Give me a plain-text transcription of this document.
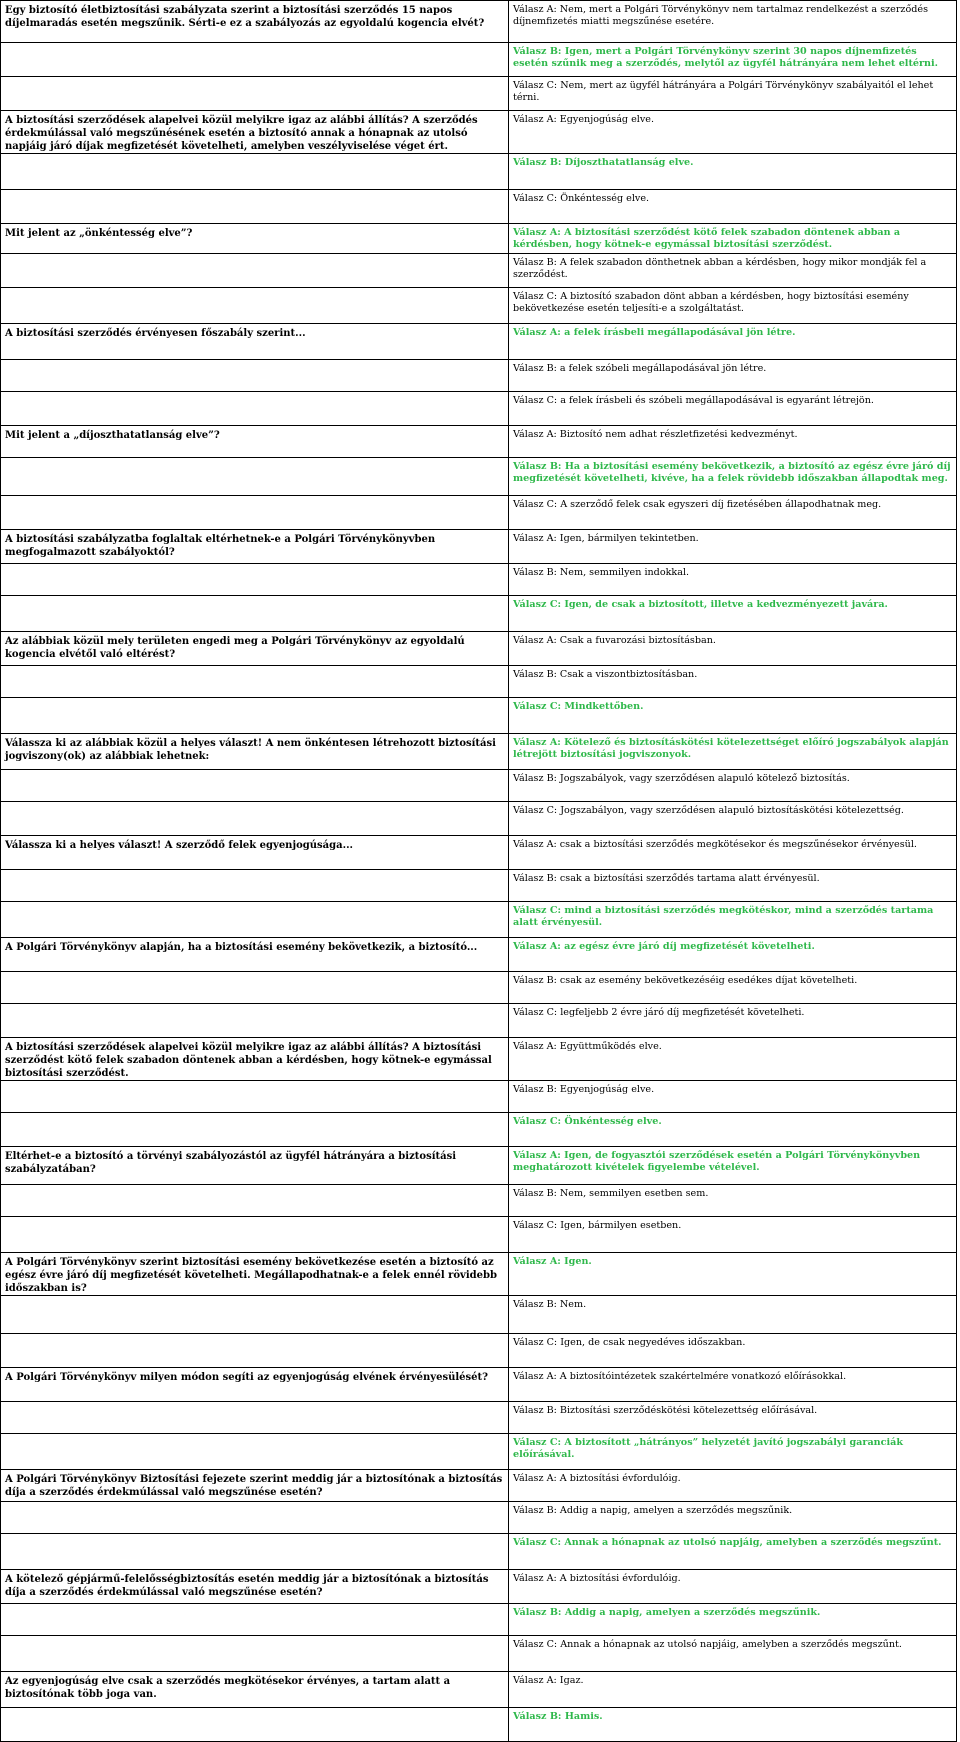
Egy biztosító életbiztosítási szabályzata szerint a biztosítási szerződés 15 napos díjelmaradás esetén megszűnik. Sérti-e ez a szabályozás az egyoldalú kogencia elvét?	Válasz A: Nem, mert a Polgári Törvénykönyv nem tartalmaz rendelkezést a szerződés díjnemfizetés miatti megszűnése esetére.
	Válasz B: Igen, mert a Polgári Törvénykönyv szerint 30 napos díjnemfizetés esetén szűnik meg a szerződés, melytől az ügyfél hátrányára nem lehet eltérni.
	Válasz C: Nem, mert az ügyfél hátrányára a Polgári Törvénykönyv szabályaitól el lehet térni.
A biztosítási szerződések alapelvei közül melyikre igaz az alábbi állítás? A szerződés érdekmúlással való megszűnésének esetén a biztosító annak a hónapnak az utolsó napjáig járó díjak megfizetését követelheti, amelyben veszélyviselése véget ért.	Válasz A: Egyenjogúság elve.
	Válasz B: Díjoszthatatlanság elve.
	Válasz C: Önkéntesség elve.
Mit jelent az „önkéntesség elve”?	Válasz A: A biztosítási szerződést kötő felek szabadon döntenek abban a kérdésben, hogy kötnek-e egymással biztosítási szerződést.
	Válasz B: A felek szabadon dönthetnek abban a kérdésben, hogy mikor mondják fel a szerződést.
	Válasz C: A biztosító szabadon dönt abban a kérdésben, hogy biztosítási esemény bekövetkezése esetén teljesíti-e a szolgáltatást.
A biztosítási szerződés érvényesen főszabály szerint...	Válasz A: a felek írásbeli megállapodásával jön létre.
	Válasz B: a felek szóbeli megállapodásával jön létre.
	Válasz C: a felek írásbeli és szóbeli megállapodásával is egyaránt létrejön.
Mit jelent a „díjoszthatatlanság elve”?	Válasz A: Biztosító nem adhat részletfizetési kedvezményt.
	Válasz B: Ha a biztosítási esemény bekövetkezik, a biztosító az egész évre járó díj megfizetését követelheti, kivéve, ha a felek rövidebb időszakban állapodtak meg.
	Válasz C: A szerződő felek csak egyszeri díj fizetésében állapodhatnak meg.
A biztosítási szabályzatba foglaltak eltérhetnek-e a Polgári Törvénykönyvben megfogalmazott szabályoktól?	Válasz A: Igen, bármilyen tekintetben.
	Válasz B: Nem, semmilyen indokkal.
	Válasz C: Igen, de csak a biztosított, illetve a kedvezményezett javára.
Az alábbiak közül mely területen engedi meg a Polgári Törvénykönyv az egyoldalú kogencia elvétől való eltérést?	Válasz A: Csak a fuvarozási biztosításban.
	Válasz B: Csak a viszontbiztosításban.
	Válasz C: Mindkettőben.
Válassza ki az alábbiak közül a helyes választ! A nem önkéntesen létrehozott biztosítási jogviszony(ok) az alábbiak lehetnek:	Válasz A: Kötelező és biztosításkötési kötelezettséget előíró jogszabályok alapján létrejött biztosítási jogviszonyok.
	Válasz B: Jogszabályok, vagy szerződésen alapuló kötelező biztosítás.
	Válasz C: Jogszabályon, vagy szerződésen alapuló biztosításkötési kötelezettség.
Válassza ki a helyes választ! A szerződő felek egyenjogúsága...	Válasz A: csak a biztosítási szerződés megkötésekor és megszűnésekor érvényesül.
	Válasz B: csak a biztosítási szerződés tartama alatt érvényesül.
	Válasz C: mind a biztosítási szerződés megkötéskor, mind a szerződés tartama alatt érvényesül.
A Polgári Törvénykönyv alapján, ha a biztosítási esemény bekövetkezik, a biztosító...	Válasz A: az egész évre járó díj megfizetését követelheti.
	Válasz B: csak az esemény bekövetkezéséig esedékes díjat követelheti.
	Válasz C: legfeljebb 2 évre járó díj megfizetését követelheti.
A biztosítási szerződések alapelvei közül melyikre igaz az alábbi állítás? A biztosítási szerződést kötő felek szabadon döntenek abban a kérdésben, hogy kötnek-e egymással biztosítási szerződést.	Válasz A: Együttműködés elve.
	Válasz B: Egyenjogúság elve.
	Válasz C: Önkéntesség elve.
Eltérhet-e a biztosító a törvényi szabályozástól az ügyfél hátrányára a biztosítási szabályzatában?	Válasz A: Igen, de fogyasztói szerződések esetén a Polgári Törvénykönyvben meghatározott kivételek figyelembe vételével.
	Válasz B: Nem, semmilyen esetben sem.
	Válasz C: Igen, bármilyen esetben.
A Polgári Törvénykönyv szerint biztosítási esemény bekövetkezése esetén a biztosító az egész évre járó díj megfizetését követelheti. Megállapodhatnak-e a felek ennél rövidebb időszakban is?	Válasz A: Igen.
	Válasz B: Nem.
	Válasz C: Igen, de csak negyedéves időszakban.
A Polgári Törvénykönyv milyen módon segíti az egyenjogúság elvének érvényesülését?	Válasz A: A biztosítóintézetek szakértelmére vonatkozó előírásokkal.
	Válasz B: Biztosítási szerződéskötési kötelezettség előírásával.
	Válasz C: A biztosított „hátrányos” helyzetét javító jogszabályi garanciák előírásával.
A Polgári Törvénykönyv Biztosítási fejezete szerint meddig jár a biztosítónak a biztosítás díja a szerződés érdekmúlással való megszűnése esetén?	Válasz A: A biztosítási évfordulóig.
	Válasz B: Addig a napig, amelyen a szerződés megszűnik.
	Válasz C: Annak a hónapnak az utolsó napjáig, amelyben a szerződés megszűnt.
A kötelező gépjármű-felelősségbiztosítás esetén meddig jár a biztosítónak a biztosítás díja a szerződés érdekmúlással való megszűnése esetén?	Válasz A: A biztosítási évfordulóig.
	Válasz B: Addig a napig, amelyen a szerződés megszűnik.
	Válasz C: Annak a hónapnak az utolsó napjáig, amelyben a szerződés megszűnt.
Az egyenjogúság elve csak a szerződés megkötésekor érvényes, a tartam alatt a biztosítónak több joga van.	Válasz A: Igaz.
	Válasz B: Hamis.
